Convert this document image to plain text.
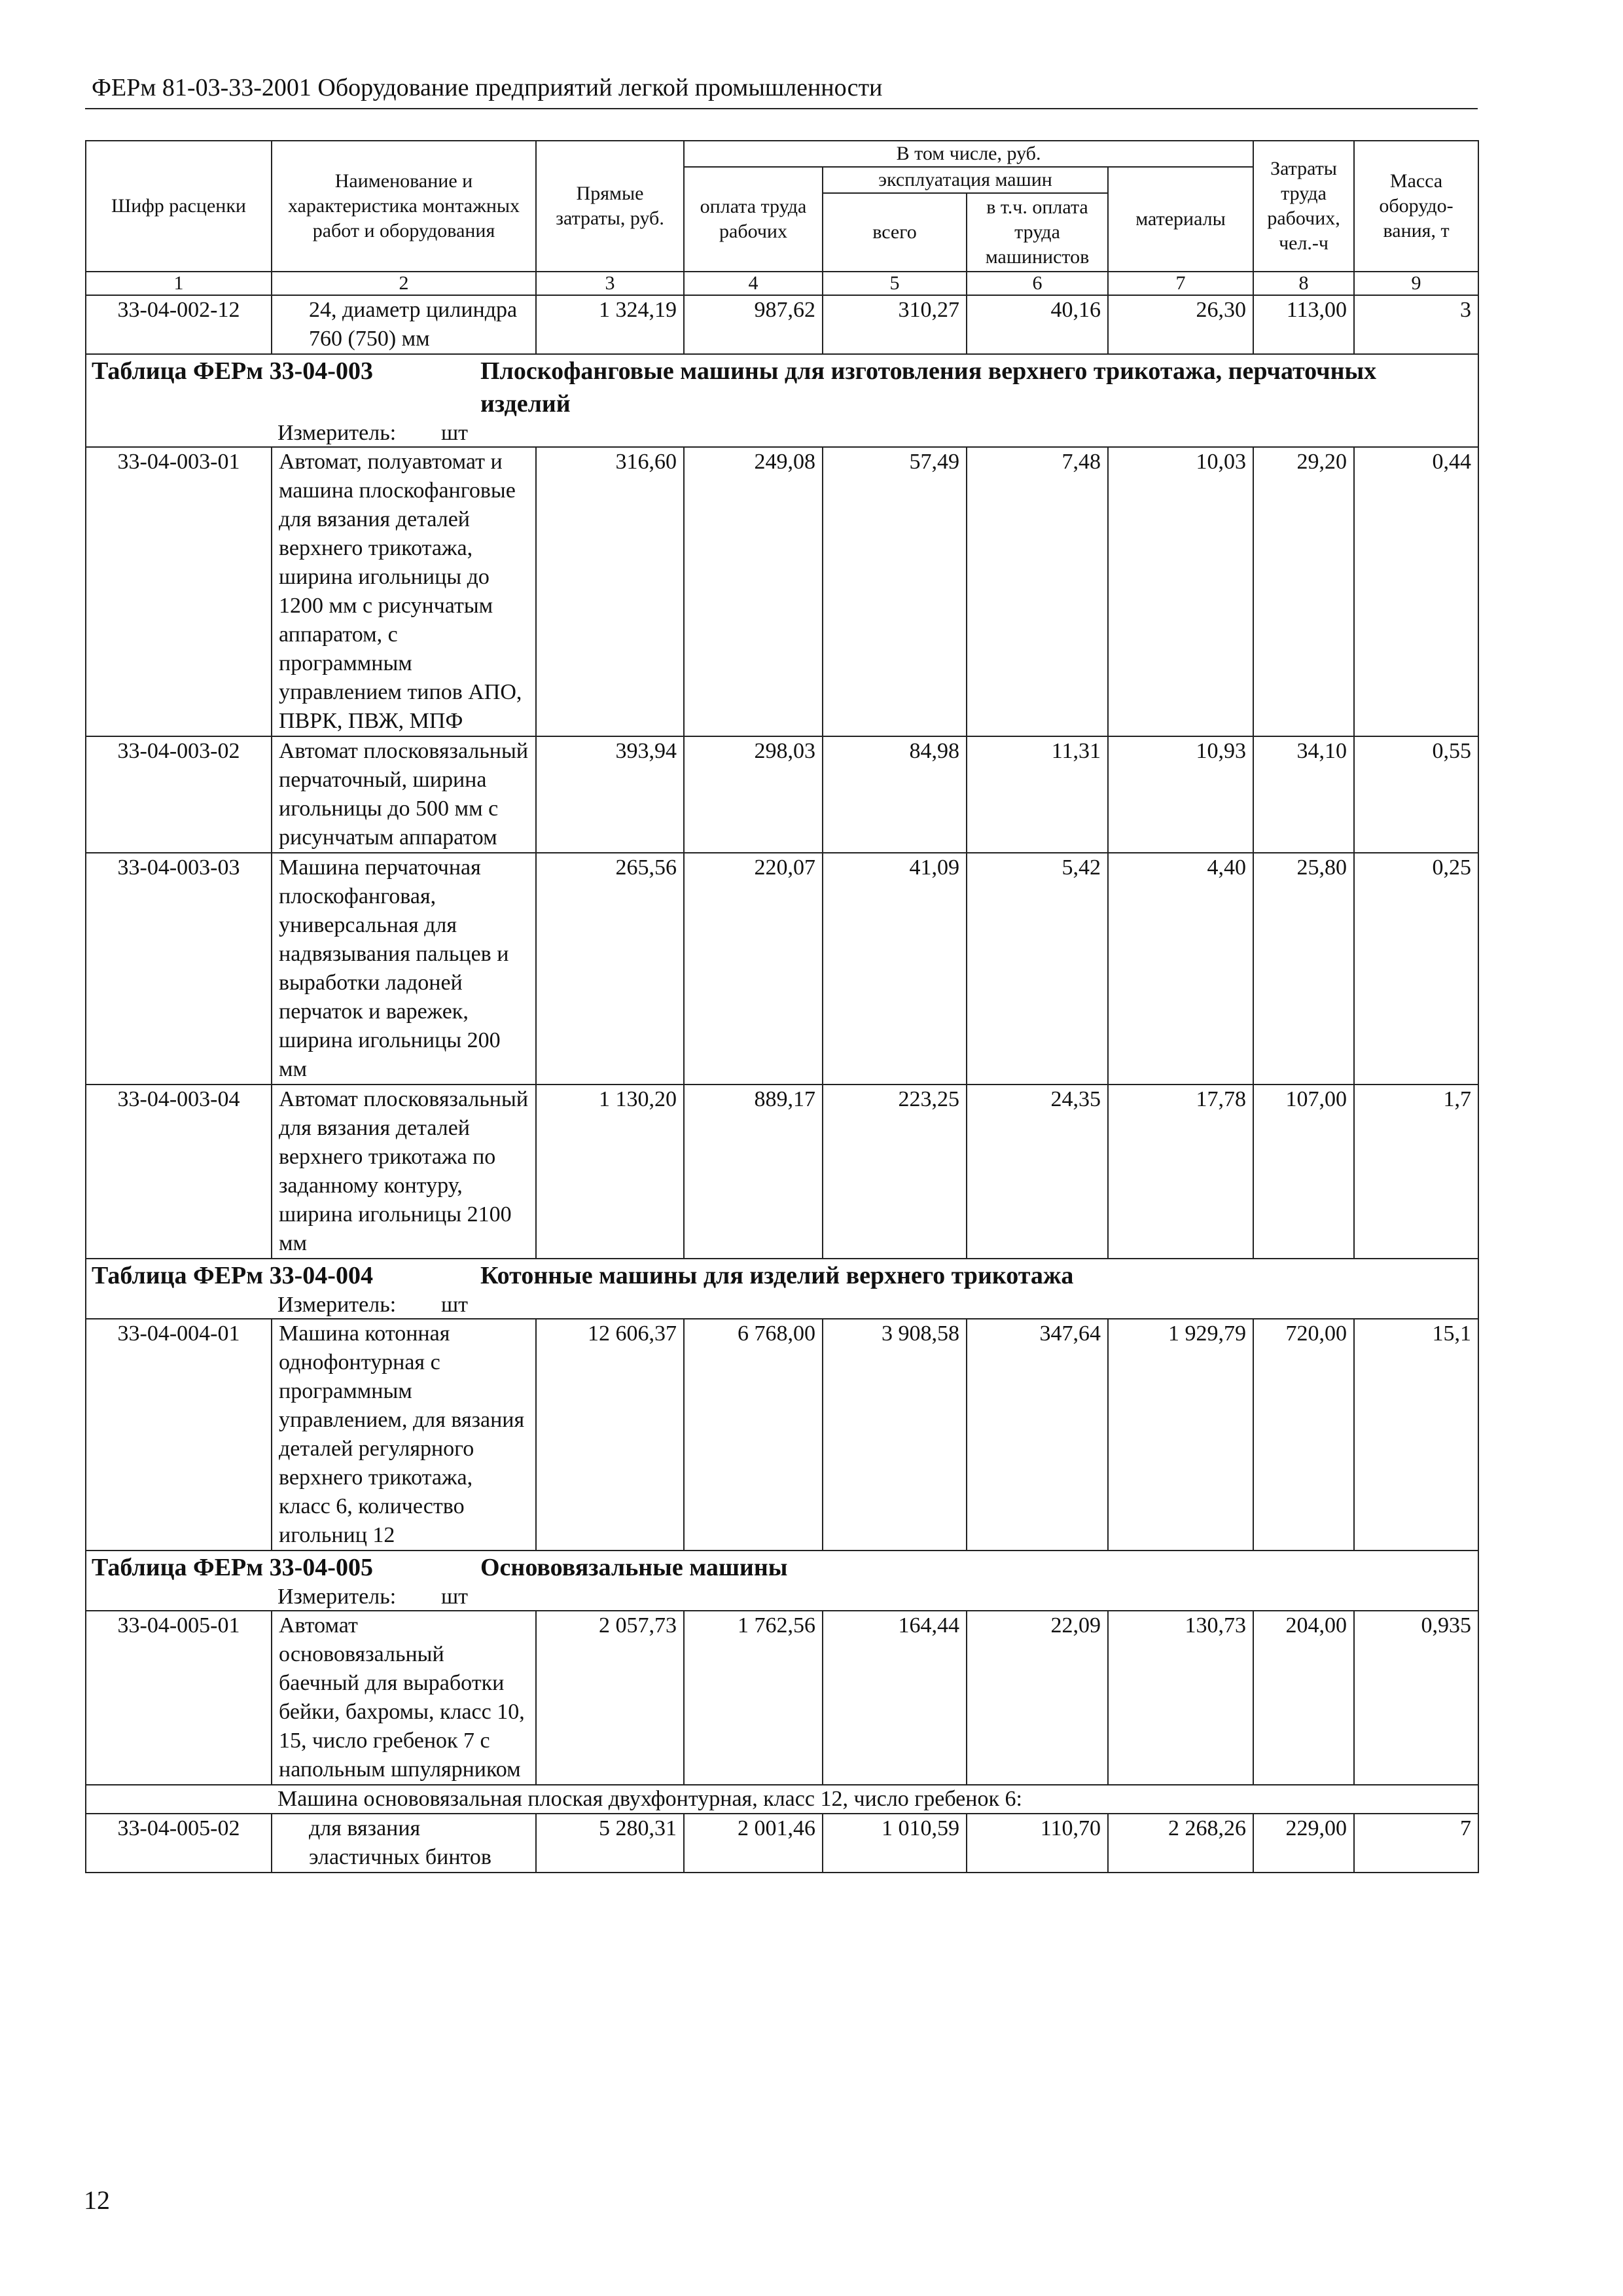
ФЕРм 81-03-33-2001 Оборудование предприятий легкой промышленности
Шифр расценки	Наименование и характеристика монтажных работ и оборудования	Прямые затраты, руб.	В том числе, руб.				Затраты труда рабочих, чел.-ч	Масса оборудо-вания, т
			оплата труда рабочих	эксплуатация машин		материалы		
				всего	в т.ч. оплата труда машинистов			
1	2	3	4	5	6	7	8	9
33-04-002-12	24, диаметр цилиндра 760 (750) мм	1 324,19	987,62	310,27	40,16	26,30	113,00	3
Таблица ФЕРм 33-04-003 Плоскофанговые машины для изготовления верхнего трикотажа, перчаточных изделий								
Измеритель: шт								
33-04-003-01	Автомат, полуавтомат и машина плоскофанговые для вязания деталей верхнего трикотажа, ширина игольницы до 1200 мм с рисунчатым аппаратом, с программным управлением типов АПО, ПВРК, ПВЖ, МПФ	316,60	249,08	57,49	7,48	10,03	29,20	0,44
33-04-003-02	Автомат плосковязальный перчаточный, ширина игольницы до 500 мм с рисунчатым аппаратом	393,94	298,03	84,98	11,31	10,93	34,10	0,55
33-04-003-03	Машина перчаточная плоскофанговая, универсальная для надвязывания пальцев и выработки ладоней перчаток и варежек, ширина игольницы 200 мм	265,56	220,07	41,09	5,42	4,40	25,80	0,25
33-04-003-04	Автомат плосковязальный для вязания деталей верхнего трикотажа по заданному контуру, ширина игольницы 2100 мм	1 130,20	889,17	223,25	24,35	17,78	107,00	1,7
Таблица ФЕРм 33-04-004 Котонные машины для изделий верхнего трикотажа								
Измеритель: шт								
33-04-004-01	Машина котонная однофонтурная с программным управлением, для вязания деталей регулярного верхнего трикотажа, класс 6, количество игольниц 12	12 606,37	6 768,00	3 908,58	347,64	1 929,79	720,00	15,1
Таблица ФЕРм 33-04-005 Основовязальные машины								
Измеритель: шт								
33-04-005-01	Автомат основовязальный баечный для выработки бейки, бахромы, класс 10, 15, число гребенок 7 с напольным шпулярником	2 057,73	1 762,56	164,44	22,09	130,73	204,00	0,935
Машина основовязальная плоская двухфонтурная, класс 12, число гребенок 6:								
33-04-005-02	для вязания эластичных бинтов	5 280,31	2 001,46	1 010,59	110,70	2 268,26	229,00	7
12
